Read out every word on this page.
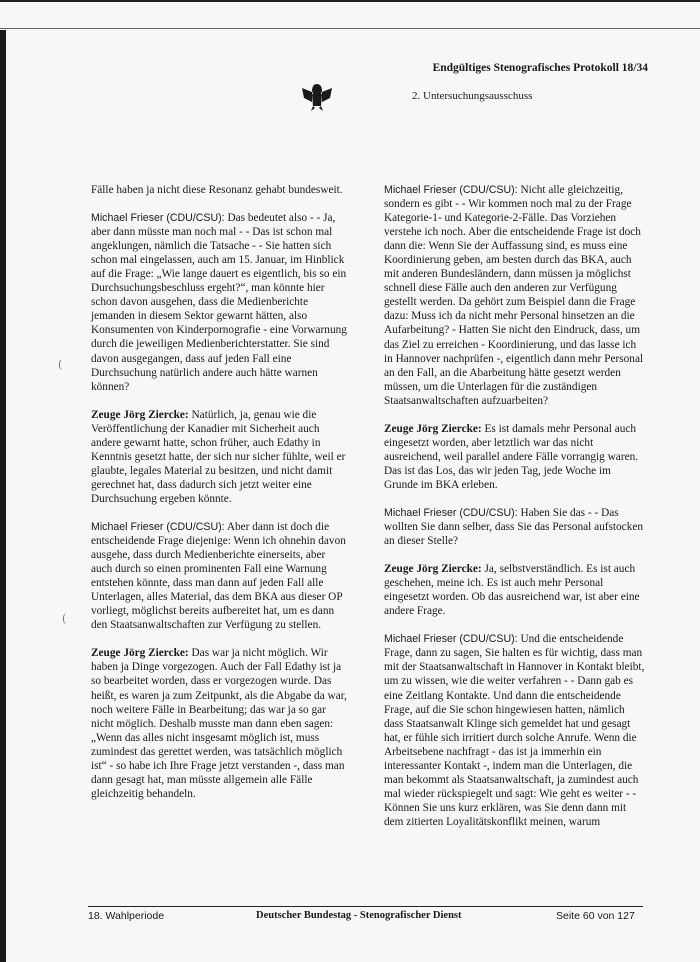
Endgültiges Stenografisches Protokoll 18/34
2. Untersuchungsausschuss

Fälle haben ja nicht diese Resonanz gehabt bundesweit.

Michael Frieser (CDU/CSU): Das bedeutet also - - Ja, aber dann müsste man noch mal - - Das ist schon mal angeklungen, nämlich die Tatsache - - Sie hatten sich schon mal eingelassen, auch am 15. Januar, im Hinblick auf die Frage: „Wie lange dauert es eigentlich, bis so ein Durchsuchungsbeschluss ergeht?“, man könnte hier schon davon ausgehen, dass die Medienberichte jemanden in diesem Sektor gewarnt hätten, also Konsumenten von Kinderpornografie - eine Vorwarnung durch die jeweiligen Medienberichterstatter. Sie sind davon ausgegangen, dass auf jeden Fall eine Durchsuchung natürlich andere auch hätte warnen können?

Zeuge Jörg Ziercke: Natürlich, ja, genau wie die Veröffentlichung der Kanadier mit Sicherheit auch andere gewarnt hatte, schon früher, auch Edathy in Kenntnis gesetzt hatte, der sich nur sicher fühlte, weil er glaubte, legales Material zu besitzen, und nicht damit gerechnet hat, dass dadurch sich jetzt weiter eine Durchsuchung ergeben könnte.

Michael Frieser (CDU/CSU): Aber dann ist doch die entscheidende Frage diejenige: Wenn ich ohnehin davon ausgehe, dass durch Medienberichte einerseits, aber auch durch so einen prominenten Fall eine Warnung entstehen könnte, dass man dann auf jeden Fall alle Unterlagen, alles Material, das dem BKA aus dieser OP vorliegt, möglichst bereits aufbereitet hat, um es dann den Staatsanwaltschaften zur Verfügung zu stellen.

Zeuge Jörg Ziercke: Das war ja nicht möglich. Wir haben ja Dinge vorgezogen. Auch der Fall Edathy ist ja so bearbeitet worden, dass er vorgezogen wurde. Das heißt, es waren ja zum Zeitpunkt, als die Abgabe da war, noch weitere Fälle in Bearbeitung; das war ja so gar nicht möglich. Deshalb musste man dann eben sagen: „Wenn das alles nicht insgesamt möglich ist, muss zumindest das gerettet werden, was tatsächlich möglich ist“ - so habe ich Ihre Frage jetzt verstanden -, dass man dann gesagt hat, man müsste allgemein alle Fälle gleichzeitig behandeln.

Michael Frieser (CDU/CSU): Nicht alle gleichzeitig, sondern es gibt - - Wir kommen noch mal zu der Frage Kategorie-1- und Kategorie-2-Fälle. Das Vorziehen verstehe ich noch. Aber die entscheidende Frage ist doch dann die: Wenn Sie der Auffassung sind, es muss eine Koordinierung geben, am besten durch das BKA, auch mit anderen Bundesländern, dann müssen ja möglichst schnell diese Fälle auch den anderen zur Verfügung gestellt werden. Da gehört zum Beispiel dann die Frage dazu: Muss ich da nicht mehr Personal hinsetzen an die Aufarbeitung? - Hatten Sie nicht den Eindruck, dass, um das Ziel zu erreichen - Koordinierung, und das lasse ich in Hannover nachprüfen -, eigentlich dann mehr Personal an den Fall, an die Abarbeitung hätte gesetzt werden müssen, um die Unterlagen für die zuständigen Staatsanwaltschaften aufzuarbeiten?

Zeuge Jörg Ziercke: Es ist damals mehr Personal auch eingesetzt worden, aber letztlich war das nicht ausreichend, weil parallel andere Fälle vorrangig waren. Das ist das Los, das wir jeden Tag, jede Woche im Grunde im BKA erleben.

Michael Frieser (CDU/CSU): Haben Sie das - - Das wollten Sie dann selber, dass Sie das Personal aufstocken an dieser Stelle?

Zeuge Jörg Ziercke: Ja, selbstverständlich. Es ist auch geschehen, meine ich. Es ist auch mehr Personal eingesetzt worden. Ob das ausreichend war, ist aber eine andere Frage.

Michael Frieser (CDU/CSU): Und die entscheidende Frage, dann zu sagen, Sie halten es für wichtig, dass man mit der Staatsanwaltschaft in Hannover in Kontakt bleibt, um zu wissen, wie die weiter verfahren - - Dann gab es eine Zeitlang Kontakte. Und dann die entscheidende Frage, auf die Sie schon hingewiesen hatten, nämlich dass Staatsanwalt Klinge sich gemeldet hat und gesagt hat, er fühle sich irritiert durch solche Anrufe. Wenn die Arbeitsebene nachfragt - das ist ja immerhin ein interessanter Kontakt -, indem man die Unterlagen, die man bekommt als Staatsanwaltschaft, ja zumindest auch mal wieder rückspiegelt und sagt: Wie geht es weiter - - Können Sie uns kurz erklären, was Sie denn dann mit dem zitierten Loyalitätskonflikt meinen, warum

(
(
18. Wahlperiode	Deutscher Bundestag - Stenografischer Dienst	Seite 60 von 127
